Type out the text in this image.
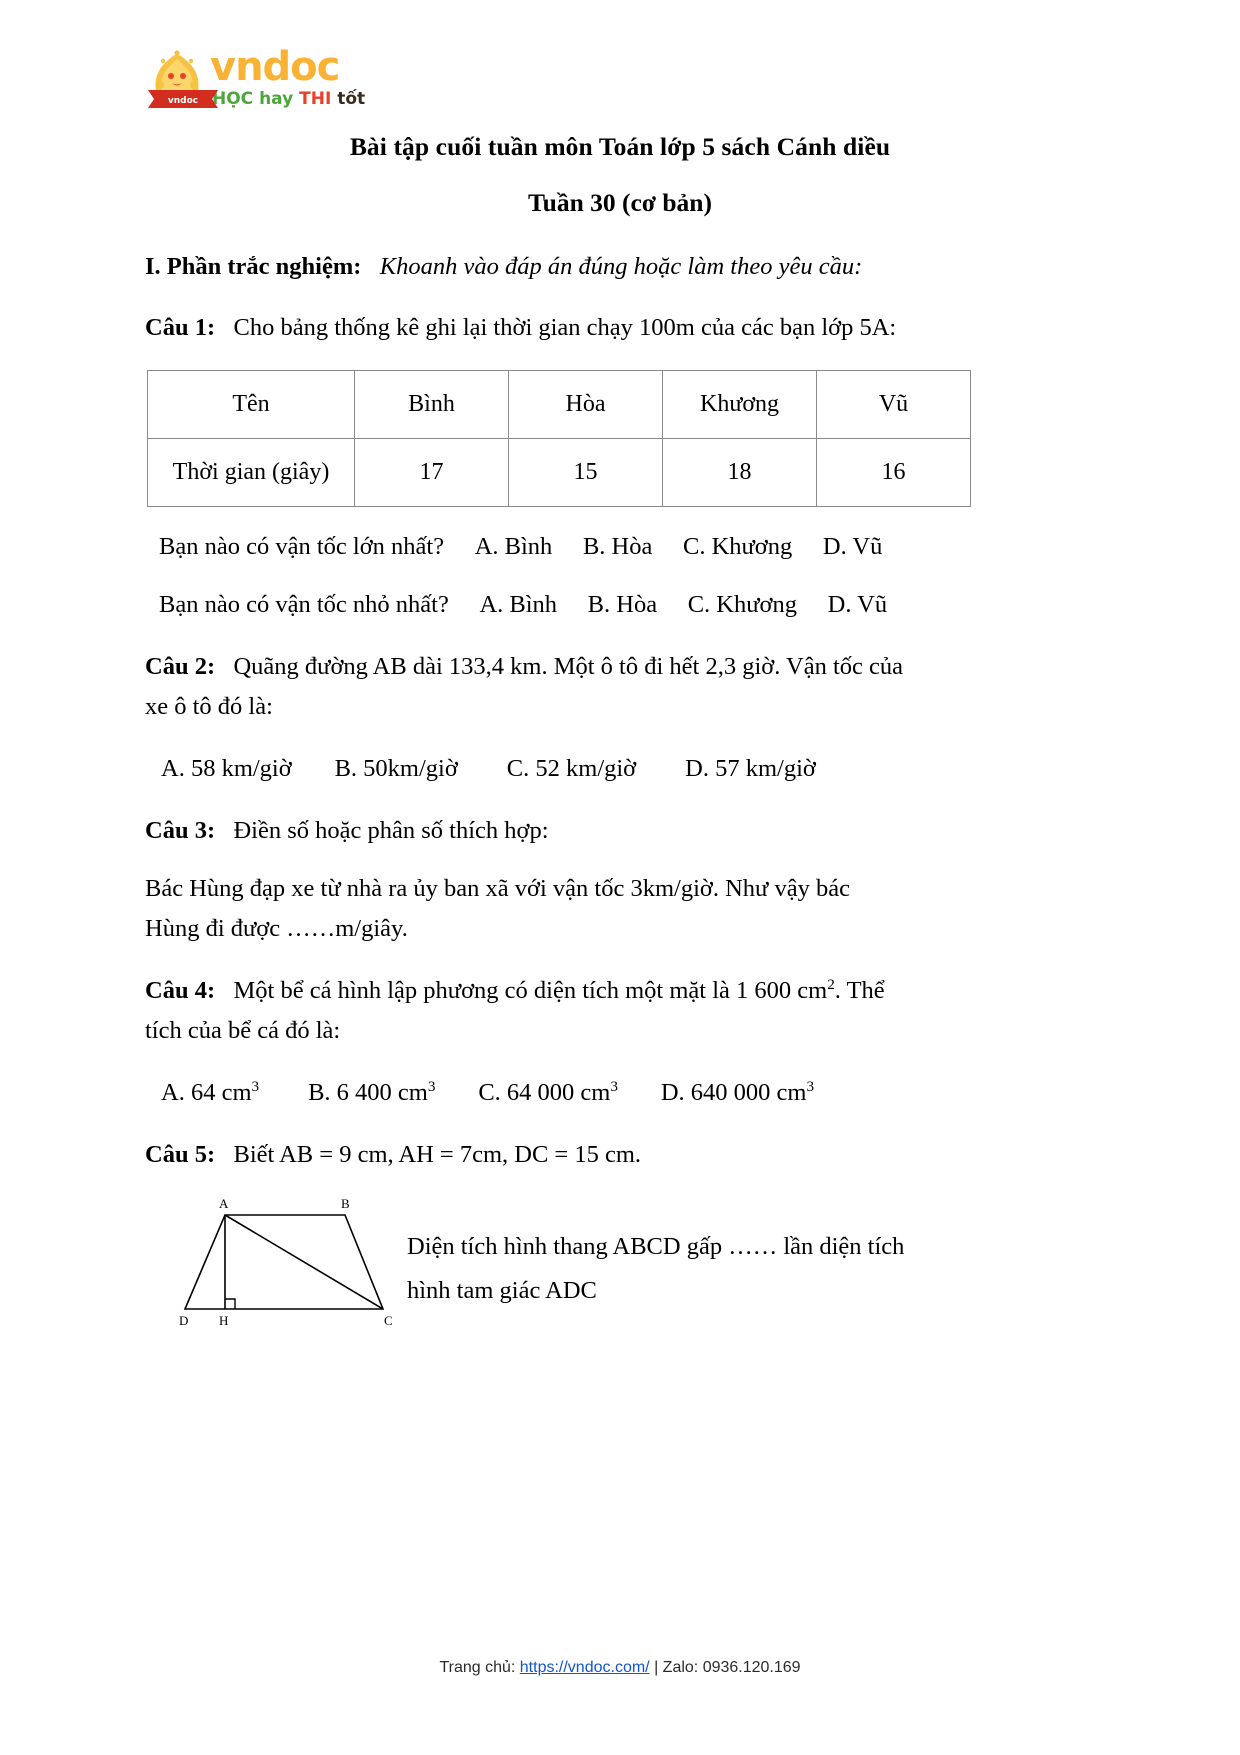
vndoc
HỌC hay THI tốt
vndoc
Bài tập cuối tuần môn Toán lớp 5 sách Cánh diều
Tuần 30 (cơ bản)

I. Phần trắc nghiệm: Khoanh vào đáp án đúng hoặc làm theo yêu cầu:

Câu 1: Cho bảng thống kê ghi lại thời gian chạy 100m của các bạn lớp 5A:

Tên	Bình	Hòa	Khương	Vũ
Thời gian (giây)	17	15	18	16

Bạn nào có vận tốc lớn nhất? A. Bình B. Hòa C. Khương D. Vũ

Bạn nào có vận tốc nhỏ nhất? A. Bình B. Hòa C. Khương D. Vũ

Câu 2: Quãng đường AB dài 133,4 km. Một ô tô đi hết 2,3 giờ. Vận tốc của

xe ô tô đó là:

A. 58 km/giờ B. 50km/giờ C. 52 km/giờ D. 57 km/giờ

Câu 3: Điền số hoặc phân số thích hợp:

Bác Hùng đạp xe từ nhà ra ủy ban xã với vận tốc 3km/giờ. Như vậy bác

Hùng đi được ……m/giây.

Câu 4: Một bể cá hình lập phương có diện tích một mặt là 1 600 $cm^2$. Thể

tích của bể cá đó là:

A. 64 $cm^3$ B. 6 400 $cm^3$ C. 64 000 $cm^3$ D. 640 000 $cm^3$

Câu 5: Biết AB = 9 cm, AH = 7cm, DC = 15 cm.

A	B
C
D H
Diện tích hình thang ABCD gấp …… lần diện tích
hình tam giác ADC
Trang chủ: https://vndoc.com/ | Zalo: 0936.120.169
